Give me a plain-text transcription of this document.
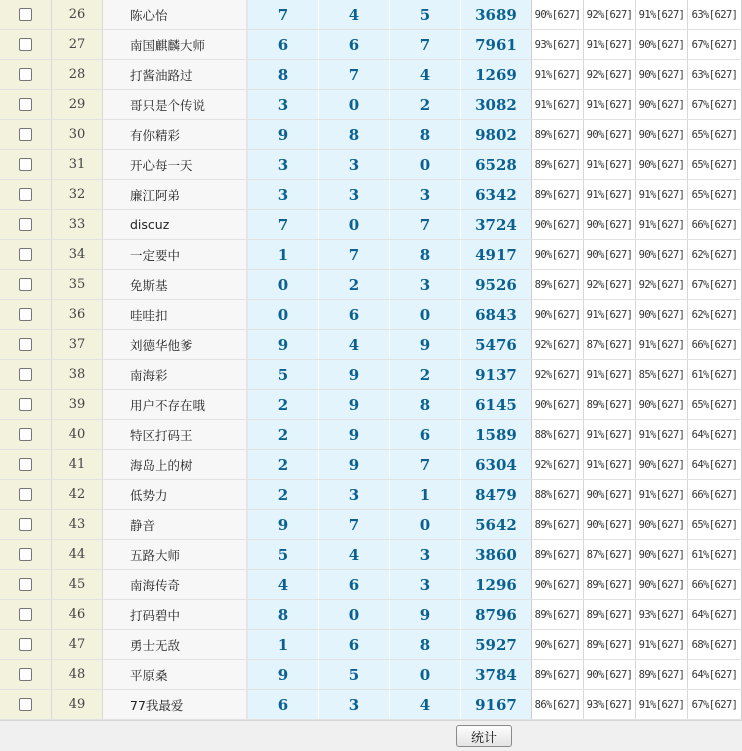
26	陈心怡	7	4	5	3689	90%[627] 92%[627] 91%[627] 63%[627]
27	南国麒麟大师	6	6	7	7961	93%[627] 91%[627] 90%[627] 67%[627]
28	打酱油路过	8	7	4	1269	91%[627] 92%[627] 90%[627] 63%[627]
29	哥只是个传说	3	0	2	3082	91%[627] 91%[627] 90%[627] 67%[627]
30	有你精彩	9	8	8	9802	89%[627] 90%[627] 90%[627] 65%[627]
31	开心每一天	3	3	0	6528	89%[627] 91%[627] 90%[627] 65%[627]
32	廉江阿弟	3	3	3	6342	89%[627] 91%[627] 91%[627] 65%[627]
33	discuz	7	0	7	3724	90%[627] 90%[627] 91%[627] 66%[627]
34	一定要中	1	7	8	4917	90%[627] 90%[627] 90%[627] 62%[627]
35	免斯基	0	2	3	9526	89%[627] 92%[627] 92%[627] 67%[627]
36	哇哇扣	0	6	0	6843	90%[627] 91%[627] 90%[627] 62%[627]
37	刘德华他爹	9	4	9	5476	92%[627] 87%[627] 91%[627] 66%[627]
38	南海彩	5	9	2	9137	92%[627] 91%[627] 85%[627] 61%[627]
39	用户不存在哦	2	9	8	6145	90%[627] 89%[627] 90%[627] 65%[627]
40	特区打码王	2	9	6	1589	88%[627] 91%[627] 91%[627] 64%[627]
41	海岛上的树	2	9	7	6304	92%[627] 91%[627] 90%[627] 64%[627]
42	低势力	2	3	1	8479	88%[627] 90%[627] 91%[627] 66%[627]
43	静音	9	7	0	5642	89%[627] 90%[627] 90%[627] 65%[627]
44	五路大师	5	4	3	3860	89%[627] 87%[627] 90%[627] 61%[627]
45	南海传奇	4	6	3	1296	90%[627] 89%[627] 90%[627] 66%[627]
46	打码碧中	8	0	9	8796	89%[627] 89%[627] 93%[627] 64%[627]
47	勇士无敌	1	6	8	5927	90%[627] 89%[627] 91%[627] 68%[627]
48	平原桑	9	5	0	3784	89%[627] 90%[627] 89%[627] 64%[627]
49	77我最爱	6	3	4	9167	86%[627] 93%[627] 91%[627] 67%[627]
统计
